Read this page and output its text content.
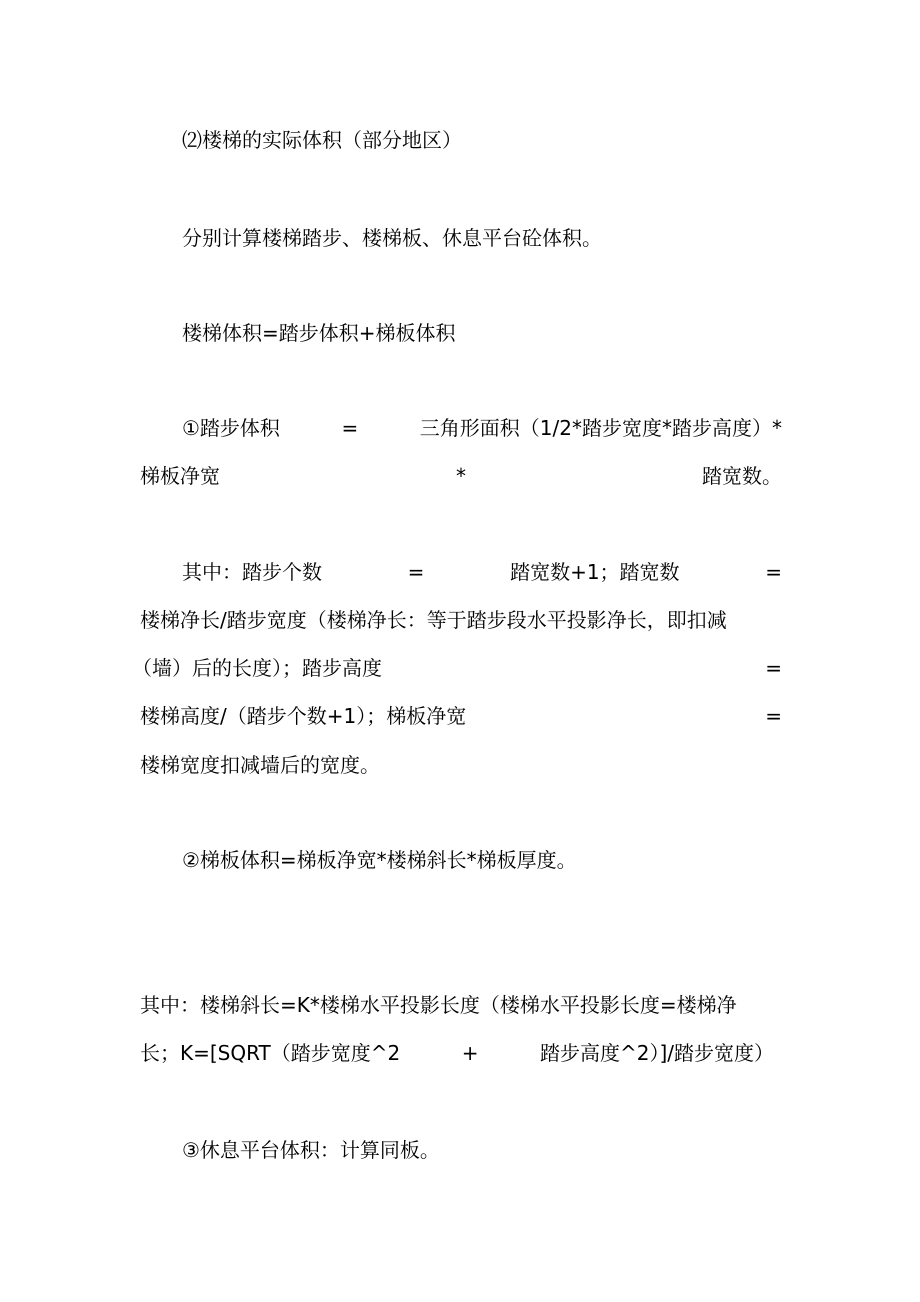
⑵楼梯的实际体积（部分地区）
分别计算楼梯踏步、楼梯板、休息平台砼体积。
楼梯体积=踏步体积+梯板体积
①踏步体积	=	三角形面积（1/2*踏步宽度*踏步高度）*
梯板净宽	*	踏宽数。
其中：踏步个数	=	踏宽数+1；踏宽数	=
楼梯净长/踏步宽度（楼梯净长：等于踏步段水平投影净长，即扣减
（墙）后的长度）；踏步高度	=
楼梯高度/（踏步个数+1）；梯板净宽	=
楼梯宽度扣减墙后的宽度。
②梯板体积=梯板净宽*楼梯斜长*梯板厚度。
其中：楼梯斜长=K*楼梯水平投影长度（楼梯水平投影长度=楼梯净
长；K=[SQRT（踏步宽度^2	+	踏步高度^2）]/踏步宽度）
③休息平台体积：计算同板。
